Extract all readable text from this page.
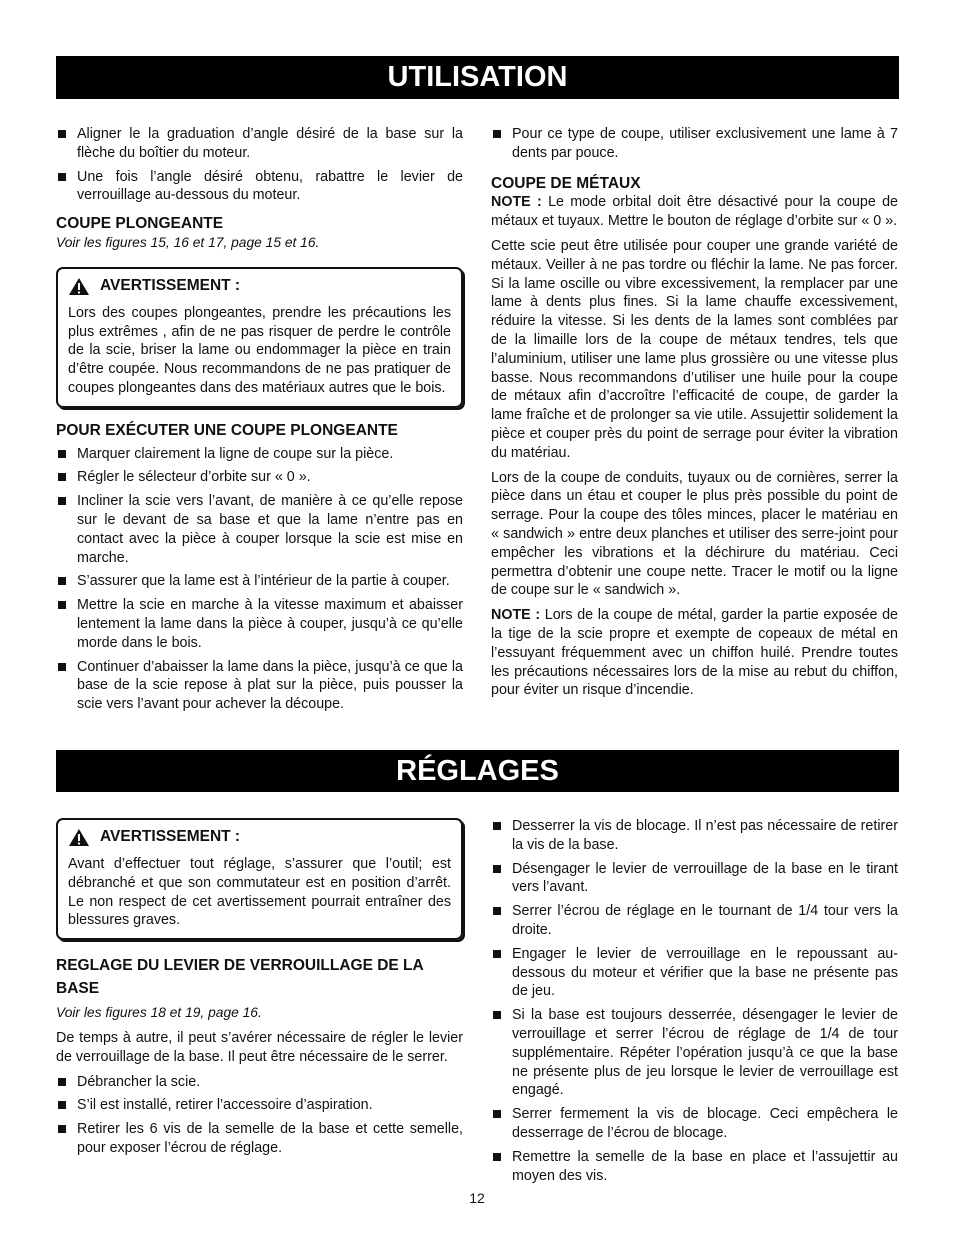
UTILISATION
Aligner le la graduation d’angle désiré de la base sur la flèche du boîtier du moteur.
Une fois l’angle désiré obtenu, rabattre le levier de verrouillage au-dessous du moteur.
COUPE PLONGEANTE

Voir les figures 15, 16 et 17, page 15 et 16.

AVERTISSEMENT :

Lors des coupes plongeantes, prendre les précautions les plus extrêmes , afin de ne pas risquer de perdre le contrôle de la scie, briser la lame ou endommager la pièce en train d’être coupée. Nous recommandons de ne pas pratiquer de coupes plongeantes dans des matériaux autres que le bois.

POUR EXÉCUTER UNE COUPE PLONGEANTE
Marquer clairement la ligne de coupe sur la pièce.
Régler le sélecteur d’orbite sur « 0 ».
Incliner la scie vers l’avant, de manière à ce qu’elle repose sur le devant de sa base et que la lame n’entre pas en contact avec la pièce à couper lorsque la scie est mise en marche.
S’assurer que la lame est à l’intérieur de la partie à couper.
Mettre la scie en marche à la vitesse maximum et abaisser lentement la lame dans la pièce à couper, jusqu’à ce qu’elle morde dans le bois.
Continuer d’abaisser la lame dans la pièce, jusqu’à ce que la base de la scie repose à plat sur la pièce, puis pousser la scie vers l’avant pour achever la découpe.
Pour ce type de coupe, utiliser exclusivement une lame à 7 dents par pouce.
COUPE DE MÉTAUX

NOTE : Le mode orbital doit être désactivé pour la coupe de métaux et tuyaux. Mettre le bouton de réglage d’orbite sur « 0 ».

Cette scie peut être utilisée pour couper une grande variété de métaux. Veiller à ne pas tordre ou fléchir la lame. Ne pas forcer. Si la lame oscille ou vibre excessivement, la remplacer par une lame à dents plus fines. Si la lame chauffe excessivement, réduire la vitesse. Si les dents de la lames sont comblées par de la limaille lors de la coupe de métaux tendres, tels que l’aluminium, utiliser une lame plus grossière ou une vitesse plus basse. Nous recommandons d’utiliser une huile pour la coupe de métaux afin d’accroître l’efficacité de coupe, de garder la lame fraîche et de prolonger sa vie utile. Assujettir solidement la pièce et couper près du point de serrage pour éviter la vibration du matériau.

Lors de la coupe de conduits, tuyaux ou de cornières, serrer la pièce dans un étau et couper le plus près possible du point de serrage. Pour la coupe des tôles minces, placer le matériau en « sandwich » entre deux planches et utiliser des serre-joint pour empêcher les vibrations et la déchirure du matériau. Ceci permettra d’obtenir une coupe nette. Tracer le motif ou la ligne de coupe sur le « sandwich ».

NOTE : Lors de la coupe de métal, garder la partie exposée de la tige de la scie propre et exempte de copeaux de métal en l’essuyant fréquemment avec un chiffon huilé. Prendre toutes les précautions nécessaires lors de la mise au rebut du chiffon, pour éviter un risque d’incendie.

RÉGLAGES
AVERTISSEMENT :

Avant d’effectuer tout réglage, s’assurer que l’outil; est débranché et que son commutateur est en position d’arrêt. Le non respect de cet avertissement pourrait entraîner des blessures graves.

REGLAGE DU LEVIER DE VERROUILLAGE DE LA BASE

Voir les figures 18 et 19, page 16.

De temps à autre, il peut s’avérer nécessaire de régler le levier de verrouillage de la base. Il peut être nécessaire de le serrer.

Débrancher la scie.
S’il est installé, retirer l’accessoire d’aspiration.
Retirer les 6 vis de la semelle de la base et cette semelle, pour exposer l’écrou de réglage.
Desserrer la vis de blocage. Il n’est pas nécessaire de retirer la vis de la base.
Désengager le levier de verrouillage de la base en le tirant vers l’avant.
Serrer l’écrou de réglage en le tournant de 1/4 tour vers la droite.
Engager le levier de verrouillage en le repoussant au-dessous du moteur et vérifier que la base ne présente pas de jeu.
Si la base est toujours desserrée, désengager le levier de verrouillage et serrer l’écrou de réglage de 1/4 de tour supplémentaire. Répéter l’opération jusqu’à ce que la base ne présente plus de jeu lorsque le levier de verrouillage est engagé.
Serrer fermement la vis de blocage. Ceci empêchera le desserrage de l’écrou de blocage.
Remettre la semelle de la base en place et l’assujettir au moyen des vis.
12
